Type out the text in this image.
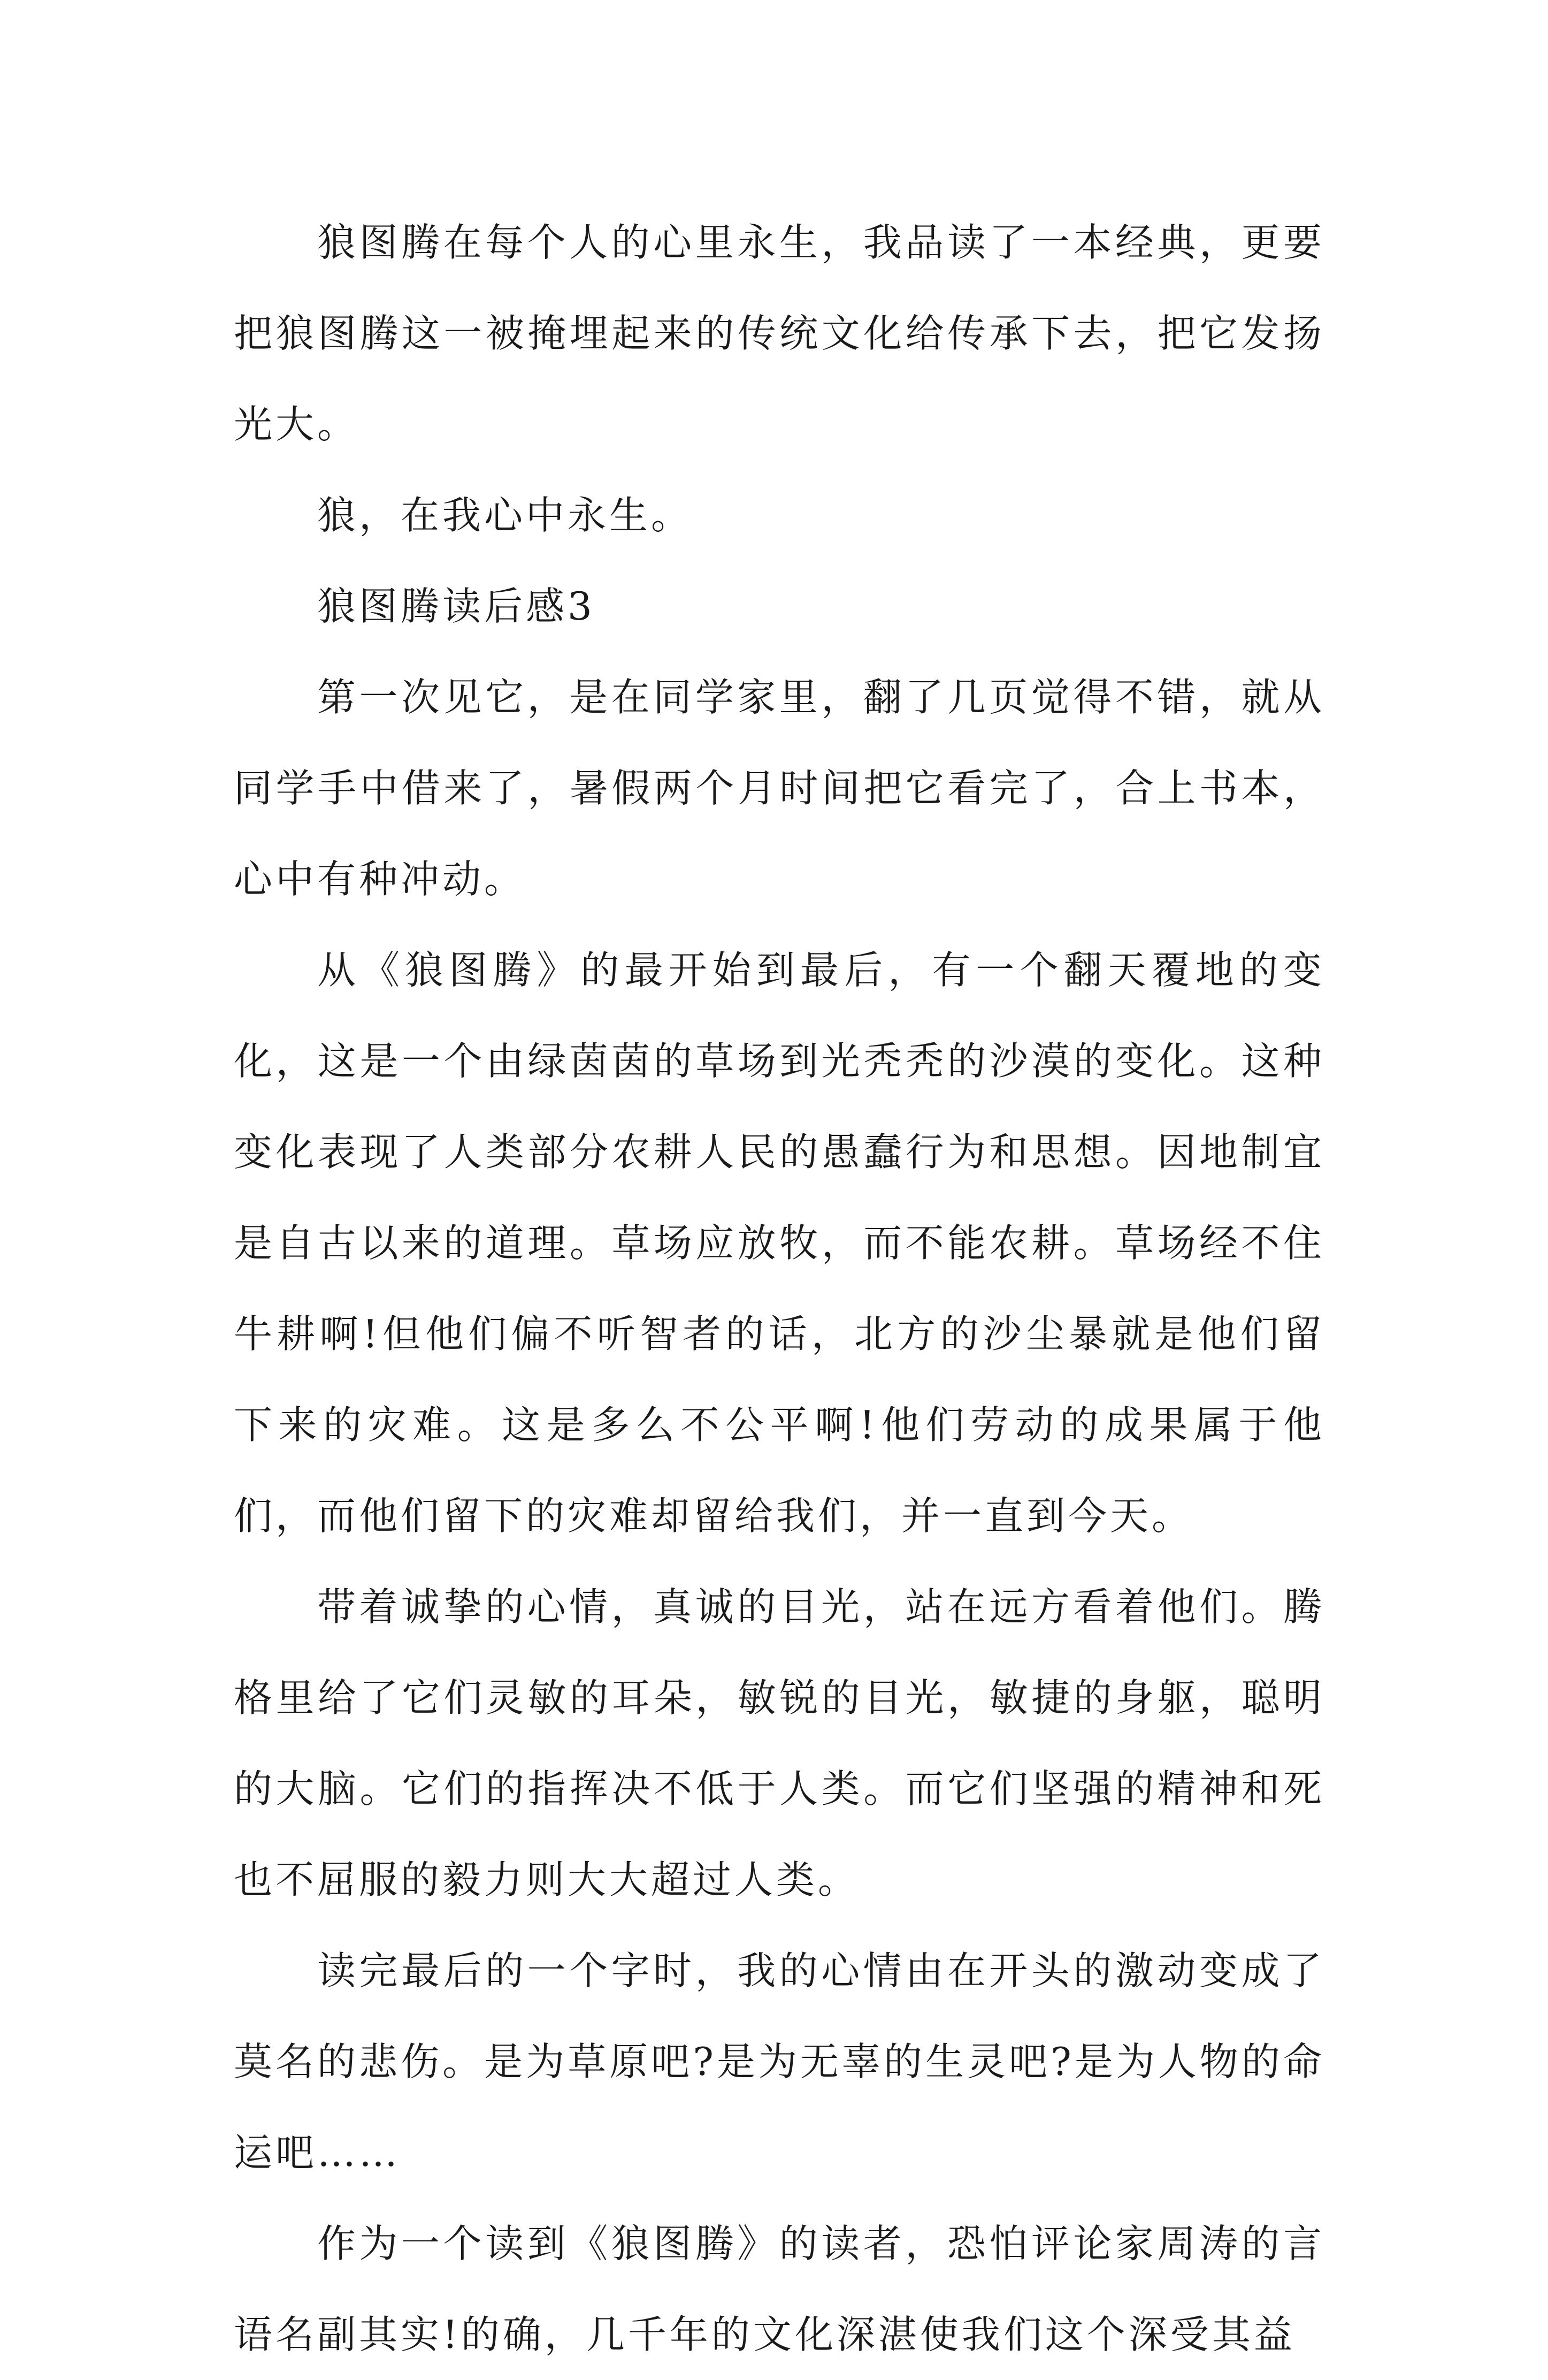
狼图腾在每个人的心里永生，我品读了一本经典，更要把狼图腾这一被掩埋起来的传统文化给传承下去，把它发扬光大。

狼，在我心中永生。

狼图腾读后感3

第一次见它，是在同学家里，翻了几页觉得不错，就从同学手中借来了，暑假两个月时间把它看完了，合上书本，心中有种冲动。

从《狼图腾》的最开始到最后，有一个翻天覆地的变化，这是一个由绿茵茵的草场到光秃秃的沙漠的变化。这种变化表现了人类部分农耕人民的愚蠢行为和思想。因地制宜是自古以来的道理。草场应放牧，而不能农耕。草场经不住牛耕啊!但他们偏不听智者的话，北方的沙尘暴就是他们留下来的灾难。这是多么不公平啊!他们劳动的成果属于他们，而他们留下的灾难却留给我们，并一直到今天。

带着诚挚的心情，真诚的目光，站在远方看着他们。腾格里给了它们灵敏的耳朵，敏锐的目光，敏捷的身躯，聪明的大脑。它们的指挥决不低于人类。而它们坚强的精神和死也不屈服的毅力则大大超过人类。

读完最后的一个字时，我的心情由在开头的激动变成了莫名的悲伤。是为草原吧?是为无辜的生灵吧?是为人物的命运吧……

作为一个读到《狼图腾》的读者，恐怕评论家周涛的言语名副其实!的确，几千年的文化深湛使我们这个深受其益
